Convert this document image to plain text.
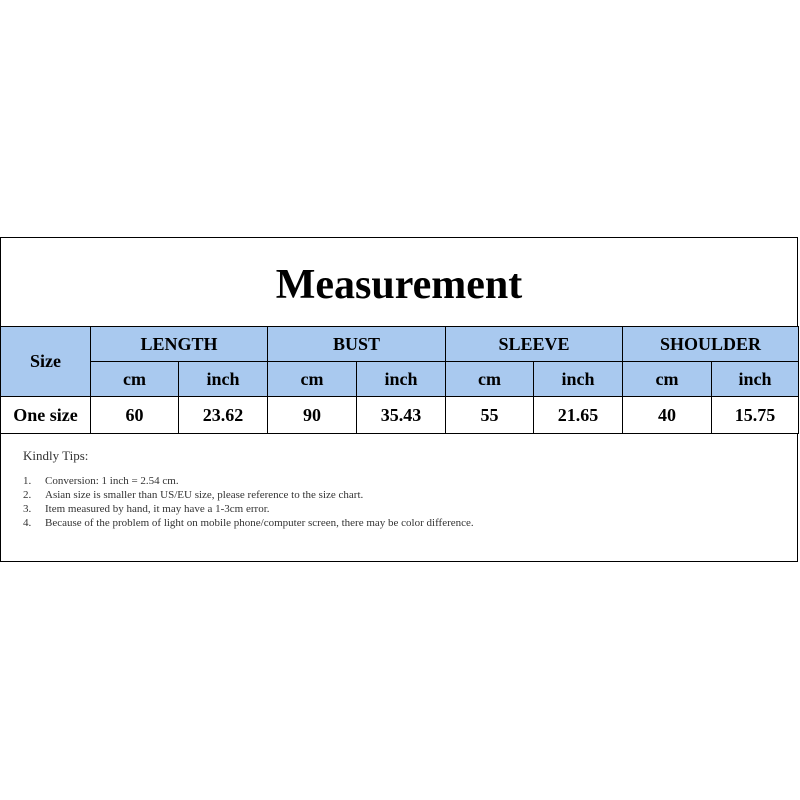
Measurement
Size	LENGTH		BUST		SLEEVE		SHOULDER	
	cm	inch	cm	inch	cm	inch	cm	inch
One size	60	23.62	90	35.43	55	21.65	40	15.75
Kindly Tips:
1. Conversion: 1 inch = 2.54 cm.
2. Asian size is smaller than US/EU size, please reference to the size chart.
3. Item measured by hand, it may have a 1-3cm error.
4. Because of the problem of light on mobile phone/computer screen, there may be color difference.
